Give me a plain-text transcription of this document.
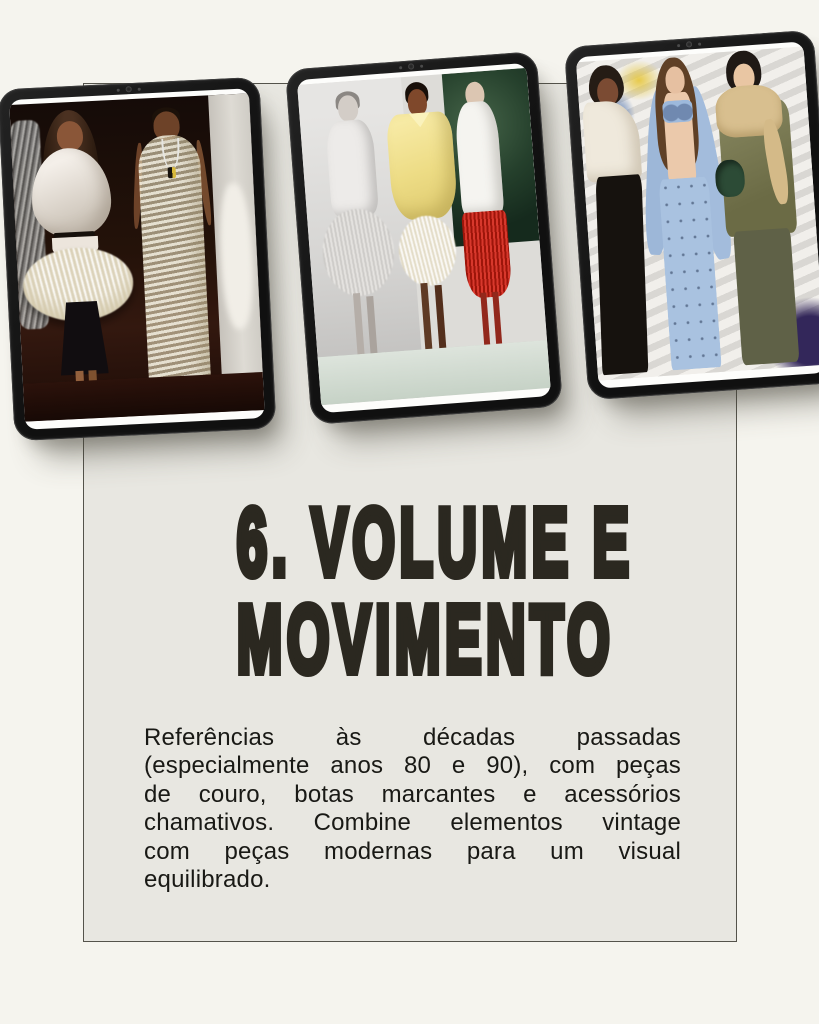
6. VOLUME E
MOVIMENTO
Referências às décadas passadas
(especialmente anos 80 e 90), com peças
de couro, botas marcantes e acessórios
chamativos. Combine elementos vintage
com peças modernas para um visual
equilibrado.
